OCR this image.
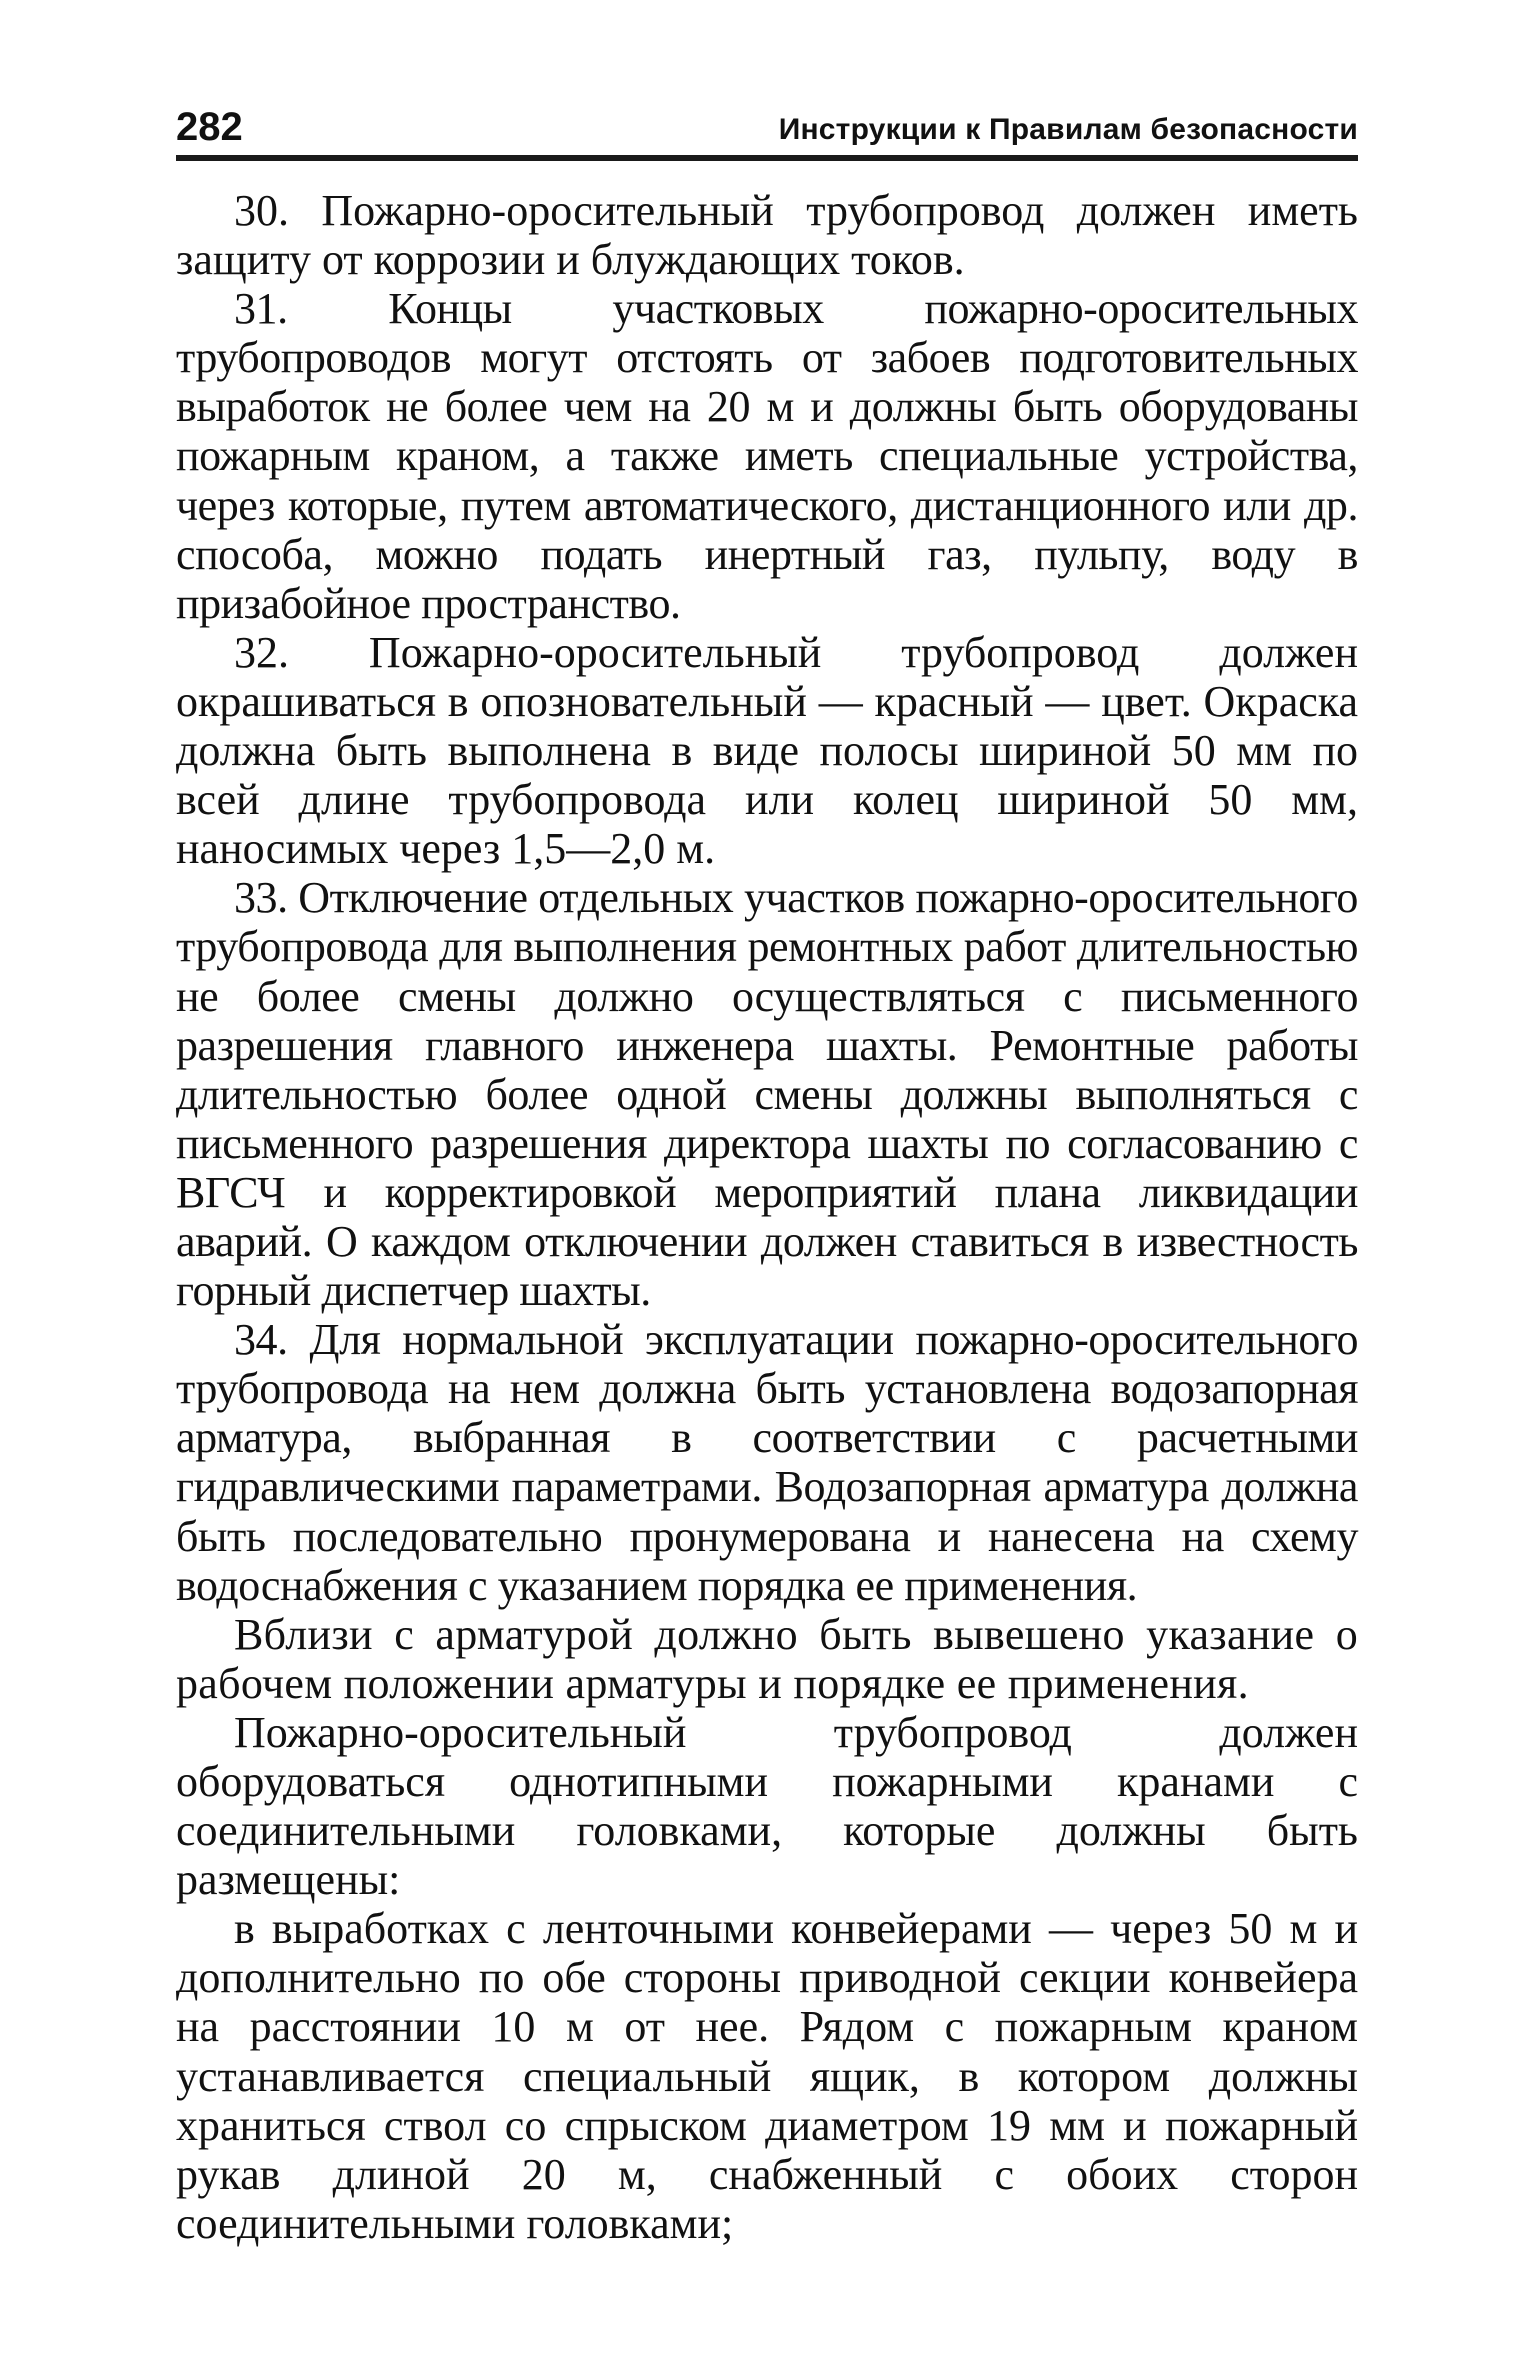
282	Инструкции к Правилам безопасности

30. Пожарно-оросительный трубопровод должен иметь защиту от коррозии и блуждающих токов.

31. Концы участковых пожарно-оросительных трубопроводов могут отстоять от забоев подготовительных выработок не более чем на 20 м и должны быть оборудованы пожарным краном, а также иметь специальные устройства, через которые, путем автоматического, дистанционного или др. способа, можно подать инертный газ, пульпу, воду в призабойное пространство.

32. Пожарно-оросительный трубопровод должен окрашиваться в опозновательный — красный — цвет. Окраска должна быть выполнена в виде полосы шириной 50 мм по всей длине трубопровода или колец шириной 50 мм, наносимых через 1,5—2,0 м.

33. Отключение отдельных участков пожарно-оросительного трубопровода для выполнения ремонтных работ длительностью не более смены должно осуществляться с письменного разрешения главного инженера шахты. Ремонтные работы длительностью более одной смены должны выполняться с письменного разрешения директора шахты по согласованию с ВГСЧ и корректировкой мероприятий плана ликвидации аварий. О каждом отключении должен ставиться в известность горный диспетчер шахты.

34. Для нормальной эксплуатации пожарно-оросительного трубопровода на нем должна быть установлена водозапорная арматура, выбранная в соответствии с расчетными гидравлическими параметрами. Водозапорная арматура должна быть последовательно пронумерована и нанесена на схему водоснабжения с указанием порядка ее применения.

Вблизи с арматурой должно быть вывешено указание о рабочем положении арматуры и порядке ее применения.

Пожарно-оросительный трубопровод должен оборудоваться однотипными пожарными кранами с соединительными головками, которые должны быть размещены:

в выработках с ленточными конвейерами — через 50 м и дополнительно по обе стороны приводной секции конвейера на расстоянии 10 м от нее. Рядом с пожарным краном устанавливается специальный ящик, в котором должны храниться ствол со спрыском диаметром 19 мм и пожарный рукав длиной 20 м, снабженный с обоих сторон соединительными головками;
